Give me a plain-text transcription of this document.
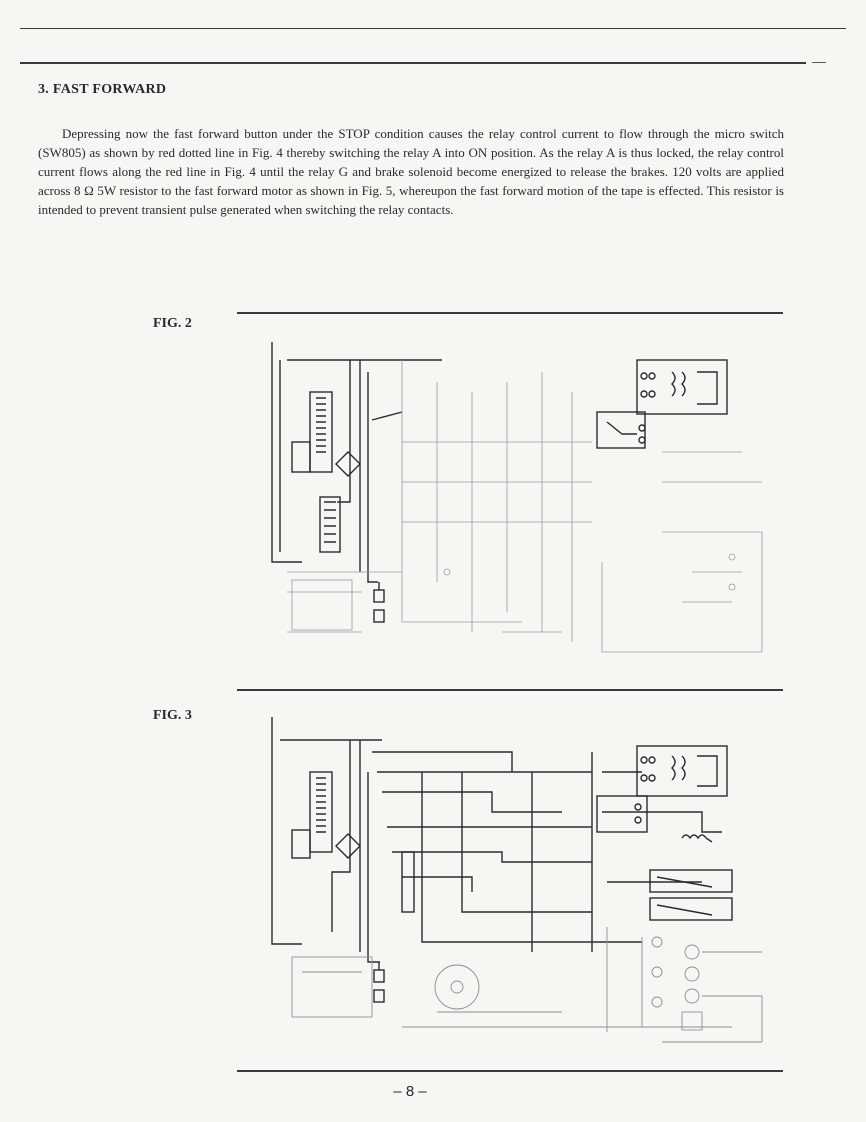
3. FAST FORWARD

Depressing now the fast forward button under the STOP condition causes the relay control current to flow through the micro switch (SW805) as shown by red dotted line in Fig. 4 thereby switching the relay A into ON position. As the relay A is thus locked, the relay control current flows along the red line in Fig. 4 until the relay G and brake solenoid become energized to release the brakes. 120 volts are applied across 8 Ω 5W resistor to the fast forward motor as shown in Fig. 5, whereupon the fast forward motion of the tape is effected. This resistor is intended to prevent transient pulse generated when switching the relay contacts.

FIG. 2
FIG. 3
– 8 –
